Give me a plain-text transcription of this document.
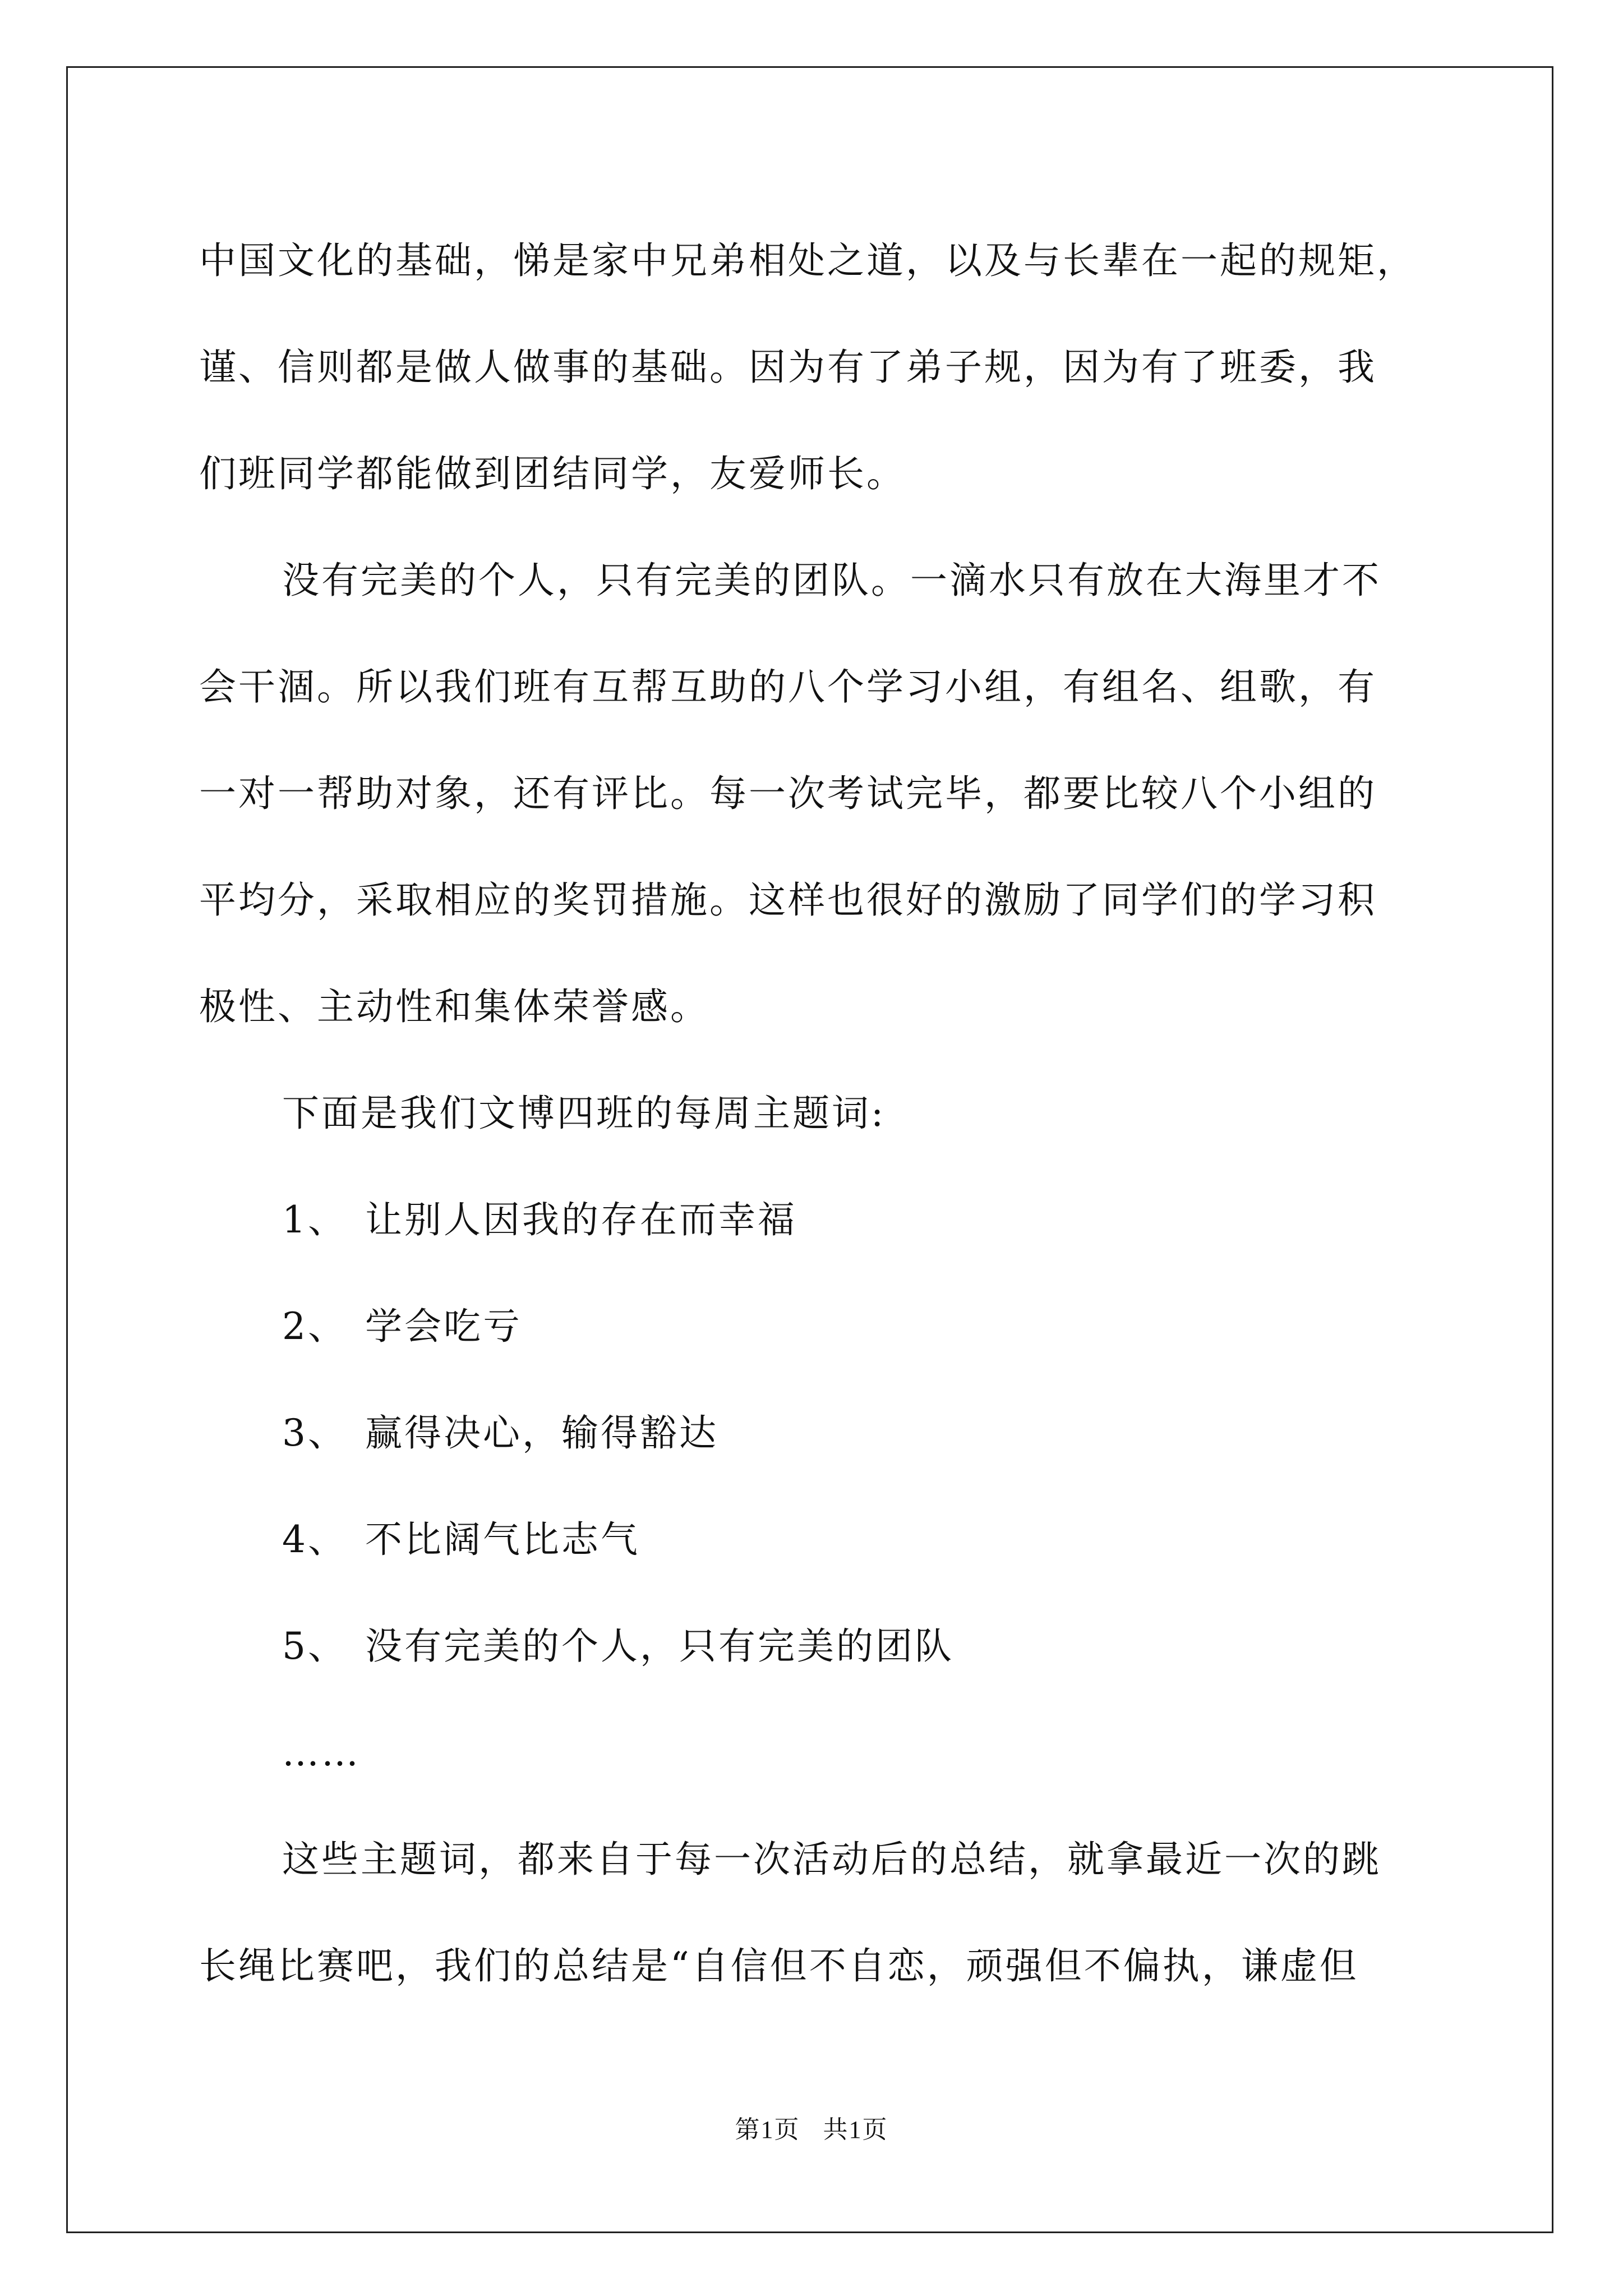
中国文化的基础，悌是家中兄弟相处之道，以及与长辈在一起的规矩，
谨、信则都是做人做事的基础。因为有了弟子规，因为有了班委，我
们班同学都能做到团结同学，友爱师长。
没有完美的个人，只有完美的团队。一滴水只有放在大海里才不
会干涸。所以我们班有互帮互助的八个学习小组，有组名、组歌，有
一对一帮助对象，还有评比。每一次考试完毕，都要比较八个小组的
平均分，采取相应的奖罚措施。这样也很好的激励了同学们的学习积
极性、主动性和集体荣誉感。
下面是我们文博四班的每周主题词:
1、 让别人因我的存在而幸福
2、 学会吃亏
3、 赢得决心，输得豁达
4、 不比阔气比志气
5、 没有完美的个人，只有完美的团队
……
这些主题词，都来自于每一次活动后的总结，就拿最近一次的跳
长绳比赛吧，我们的总结是“自信但不自恋，顽强但不偏执，谦虚但
第1页 共1页
